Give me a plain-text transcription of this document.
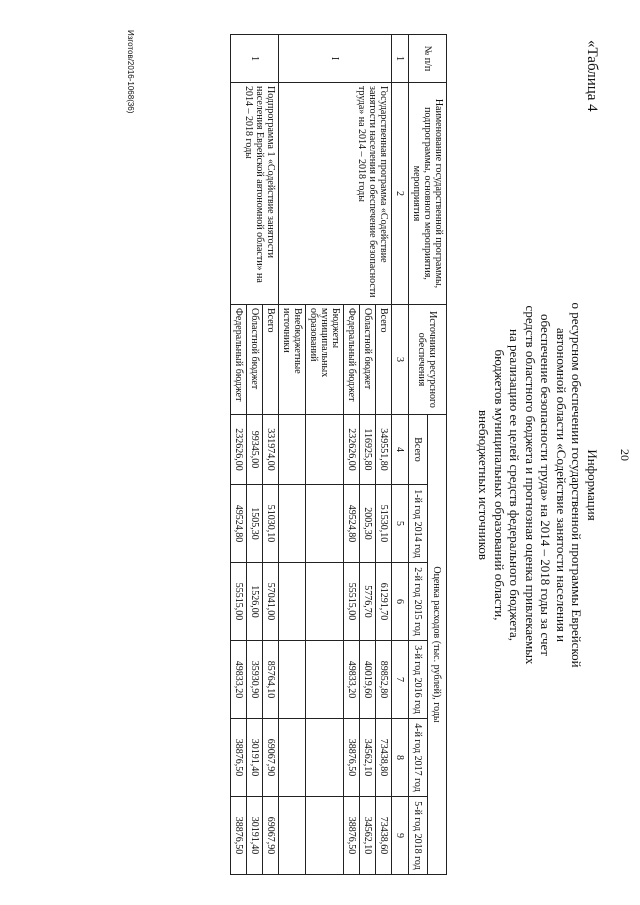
20
«Таблица 4
Изготов/2016-1068(36)
Информация
о ресурсном обеспечении государственной программы Еврейской
автономной области «Содействие занятости населения и
обеспечение безопасности труда» на 2014 – 2018 годы за счет
средств областного бюджета и прогнозная оценка привлекаемых
на реализацию ее целей средств федерального бюджета,
бюджетов муниципальных образований области,
внебюджетных источников
№ п/п	Наименование государственной программы, подпрограммы, основного мероприятия, мероприятия	Источники ресурсного обеспечения	Оценка расходов (тыс. рублей), годы					
			Всего	1-й год 2014 год	2-й год 2015 год	3-й год 2016 год	4-й год 2017 год	5-й год 2018 год
1	2	3	4	5	6	7	8	9
I	Государственная программа «Содействие занятости населения и обеспечение безопасности труда» на 2014 – 2018 годы	Всего	349551,80	51530,10	61291,70	89852,80	73438,80	73438,60
		Областной бюджет	116925,80	2005,30	5776,70	40019,60	34562,10	34562,10
		Федеральный бюджет	232626,00	49524,80	55515,00	49833,20	38876,50	38876,50
		Бюджеты муниципальных образований						
		Внебюджетные источники						
1	Подпрограмма 1 «Содействие занятости населения Еврейской автономной области» на 2014 – 2018 годы	Всего	331974,00	51030,10	57041,00	85764,10	69067,90	69067,90
		Областной бюджет	99345,00	1505,30	1526,00	35930,90	30191,40	30191,40
		Федеральный бюджет	232626,00	49524,80	55515,00	49833,20	38876,50	38876,50
